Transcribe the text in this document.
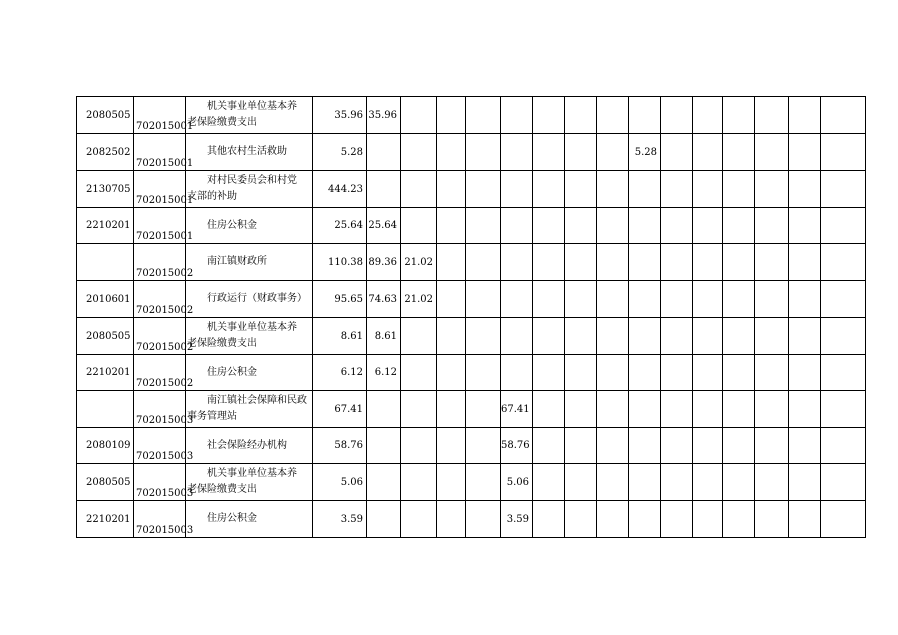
2080505	702015001	机关事业单位基本养
老保险缴费支出	35.96	35.96															
2082502	702015001	其他农村生活救助	5.28									5.28							
2130705	702015001	对村民委员会和村党
支部的补助	444.23																
2210201	702015001	住房公积金	25.64	25.64															
	702015002	南江镇财政所	110.38	89.36	21.02														
2010601	702015002	行政运行（财政事务）	95.65	74.63	21.02														
2080505	702015002	机关事业单位基本养
老保险缴费支出	8.61	8.61															
2210201	702015002	住房公积金	6.12	6.12															
	702015003	南江镇社会保障和民政
事务管理站	67.41					67.41											
2080109	702015003	社会保险经办机构	58.76					58.76											
2080505	702015003	机关事业单位基本养
老保险缴费支出	5.06					5.06											
2210201	702015003	住房公积金	3.59					3.59											
